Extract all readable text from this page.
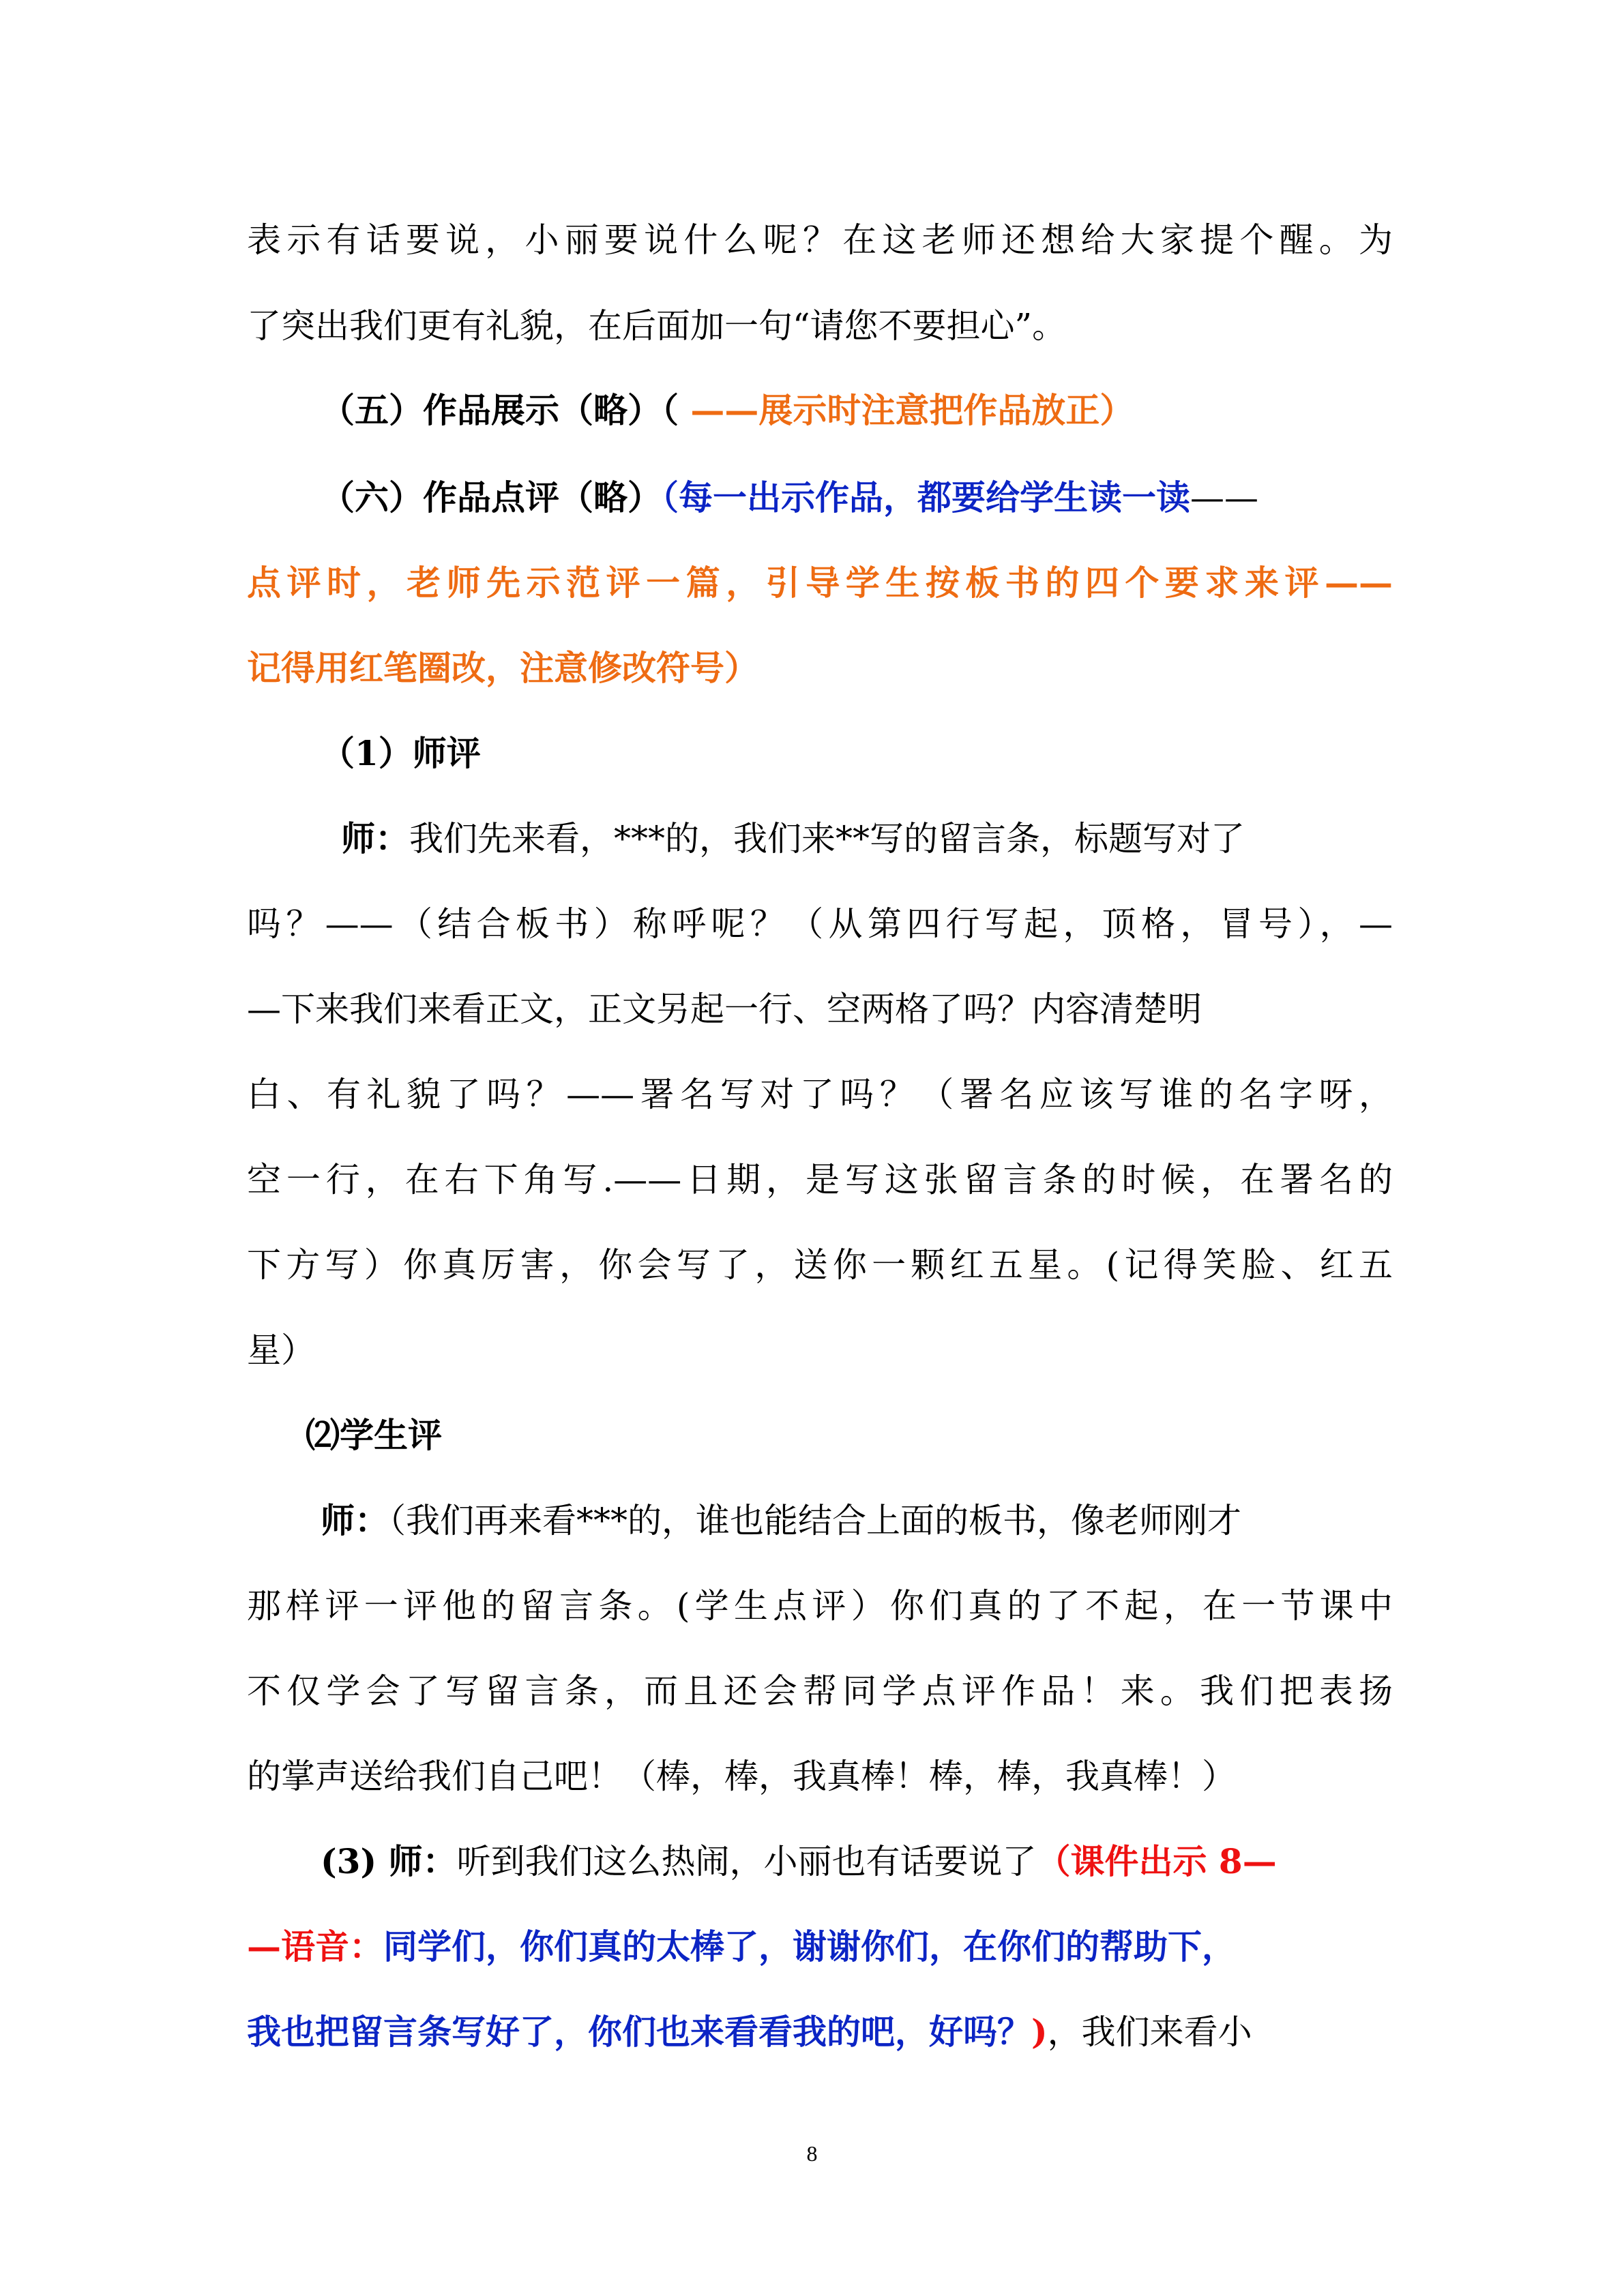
表示有话要说，小丽要说什么呢？在这老师还想给大家提个醒。为
了突出我们更有礼貌，在后面加一句“请您不要担心”。
（五）作品展示（略）（ ——展示时注意把作品放正）
（六）作品点评（略）（每一出示作品，都要给学生读一读——
点评时，老师先示范评一篇，引导学生按板书的四个要求来评——
记得用红笔圈改，注意修改符号）
（1）师评
师：我们先来看，***的，我们来**写的留言条，标题写对了
吗？——（结合板书）称呼呢？（从第四行写起，顶格，冒号），—
—下来我们来看正文，正文另起一行、空两格了吗？内容清楚明
白、有礼貌了吗？——署名写对了吗？（署名应该写谁的名字呀，
空一行，在右下角写.——日期，是写这张留言条的时候，在署名的
下方写）你真厉害，你会写了，送你一颗红五星。(记得笑脸、红五
星）
⑵学生评
师：（我们再来看***的，谁也能结合上面的板书，像老师刚才
那样评一评他的留言条。(学生点评）你们真的了不起，在一节课中
不仅学会了写留言条，而且还会帮同学点评作品！来。我们把表扬
的掌声送给我们自己吧！（棒，棒，我真棒！棒，棒，我真棒！）
(3) 师：听到我们这么热闹，小丽也有话要说了（课件出示 8—
—语音：同学们，你们真的太棒了，谢谢你们，在你们的帮助下，
我也把留言条写好了，你们也来看看我的吧，好吗？)，我们来看小
8
